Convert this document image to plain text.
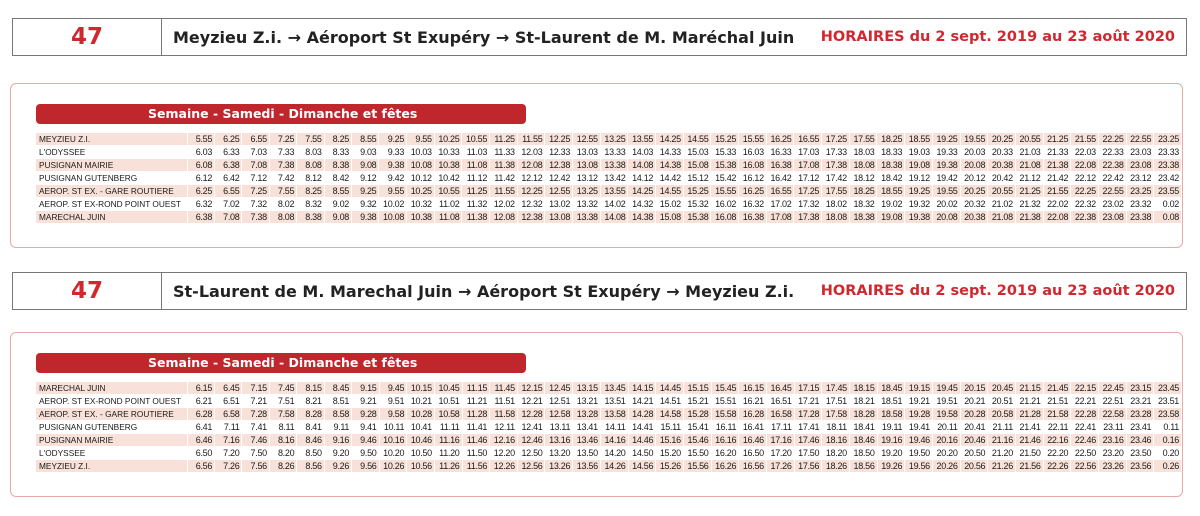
47	Meyzieu Z.i. → Aéroport St Exupéry → St-Laurent de M. Maréchal Juin	HORAIRES du 2 sept. 2019 au 23 août 2020
Semaine - Samedi - Dimanche et fêtes
MEYZIEU Z.I.	5.55	6.25	6.55	7.25	7.55	8.25	8.55	9.25	9.55	10.25	10.55	11.25	11.55	12.25	12.55	13.25	13.55	14.25	14.55	15.25	15.55	16.25	16.55	17.25	17.55	18.25	18.55	19.25	19.55	20.25	20.55	21.25	21.55	22.25	22.55	23.25
L'ODYSSEE	6.03	6.33	7.03	7.33	8.03	8.33	9.03	9.33	10.03	10.33	11.03	11.33	12.03	12.33	13.03	13.33	14.03	14.33	15.03	15.33	16.03	16.33	17.03	17.33	18.03	18.33	19.03	19.33	20.03	20.33	21.03	21.33	22.03	22.33	23.03	23.33
PUSIGNAN MAIRIE	6.08	6.38	7.08	7.38	8.08	8.38	9.08	9.38	10.08	10.38	11.08	11.38	12.08	12.38	13.08	13.38	14.08	14.38	15.08	15.38	16.08	16.38	17.08	17.38	18.08	18.38	19.08	19.38	20.08	20.38	21.08	21.38	22.08	22.38	23.08	23.38
PUSIGNAN GUTENBERG	6.12	6.42	7.12	7.42	8.12	8.42	9.12	9.42	10.12	10.42	11.12	11.42	12.12	12.42	13.12	13.42	14.12	14.42	15.12	15.42	16.12	16.42	17.12	17.42	18.12	18.42	19.12	19.42	20.12	20.42	21.12	21.42	22.12	22.42	23.12	23.42
AEROP. ST EX. - GARE ROUTIERE	6.25	6.55	7.25	7.55	8.25	8.55	9.25	9.55	10.25	10.55	11.25	11.55	12.25	12.55	13.25	13.55	14.25	14.55	15.25	15.55	16.25	16.55	17.25	17.55	18.25	18.55	19.25	19.55	20.25	20.55	21.25	21.55	22.25	22.55	23.25	23.55
AEROP. ST EX-ROND POINT OUEST	6.32	7.02	7.32	8.02	8.32	9.02	9.32	10.02	10.32	11.02	11.32	12.02	12.32	13.02	13.32	14.02	14.32	15.02	15.32	16.02	16.32	17.02	17.32	18.02	18.32	19.02	19.32	20.02	20.32	21.02	21.32	22.02	22.32	23.02	23.32	0.02
MARECHAL JUIN	6.38	7.08	7.38	8.08	8.38	9.08	9.38	10.08	10.38	11.08	11.38	12.08	12.38	13.08	13.38	14.08	14.38	15.08	15.38	16.08	16.38	17.08	17.38	18.08	18.38	19.08	19.38	20.08	20.38	21.08	21.38	22.08	22.38	23.08	23.38	0.08
47	St-Laurent de M. Marechal Juin → Aéroport St Exupéry → Meyzieu Z.i.	HORAIRES du 2 sept. 2019 au 23 août 2020
Semaine - Samedi - Dimanche et fêtes
MARECHAL JUIN	6.15	6.45	7.15	7.45	8.15	8.45	9.15	9.45	10.15	10.45	11.15	11.45	12.15	12.45	13.15	13.45	14.15	14.45	15.15	15.45	16.15	16.45	17.15	17.45	18.15	18.45	19.15	19.45	20.15	20.45	21.15	21.45	22.15	22.45	23.15	23.45
AEROP. ST EX-ROND POINT OUEST	6.21	6.51	7.21	7.51	8.21	8.51	9.21	9.51	10.21	10.51	11.21	11.51	12.21	12.51	13.21	13.51	14.21	14.51	15.21	15.51	16.21	16.51	17.21	17.51	18.21	18.51	19.21	19.51	20.21	20.51	21.21	21.51	22.21	22.51	23.21	23.51
AEROP. ST EX. - GARE ROUTIERE	6.28	6.58	7.28	7.58	8.28	8.58	9.28	9.58	10.28	10.58	11.28	11.58	12.28	12.58	13.28	13.58	14.28	14.58	15.28	15.58	16.28	16.58	17.28	17.58	18.28	18.58	19.28	19.58	20.28	20.58	21.28	21.58	22.28	22.58	23.28	23.58
PUSIGNAN GUTENBERG	6.41	7.11	7.41	8.11	8.41	9.11	9.41	10.11	10.41	11.11	11.41	12.11	12.41	13.11	13.41	14.11	14.41	15.11	15.41	16.11	16.41	17.11	17.41	18.11	18.41	19.11	19.41	20.11	20.41	21.11	21.41	22.11	22.41	23.11	23.41	0.11
PUSIGNAN MAIRIE	6.46	7.16	7.46	8.16	8.46	9.16	9.46	10.16	10.46	11.16	11.46	12.16	12.46	13.16	13.46	14.16	14.46	15.16	15.46	16.16	16.46	17.16	17.46	18.16	18.46	19.16	19.46	20.16	20.46	21.16	21.46	22.16	22.46	23.16	23.46	0.16
L'ODYSSEE	6.50	7.20	7.50	8.20	8.50	9.20	9.50	10.20	10.50	11.20	11.50	12.20	12.50	13.20	13.50	14.20	14.50	15.20	15.50	16.20	16.50	17.20	17.50	18.20	18.50	19.20	19.50	20.20	20.50	21.20	21.50	22.20	22.50	23.20	23.50	0.20
MEYZIEU Z.I.	6.56	7.26	7.56	8.26	8.56	9.26	9.56	10.26	10.56	11.26	11.56	12.26	12.56	13.26	13.56	14.26	14.56	15.26	15.56	16.26	16.56	17.26	17.56	18.26	18.56	19.26	19.56	20.26	20.56	21.26	21.56	22.26	22.56	23.26	23.56	0.26
